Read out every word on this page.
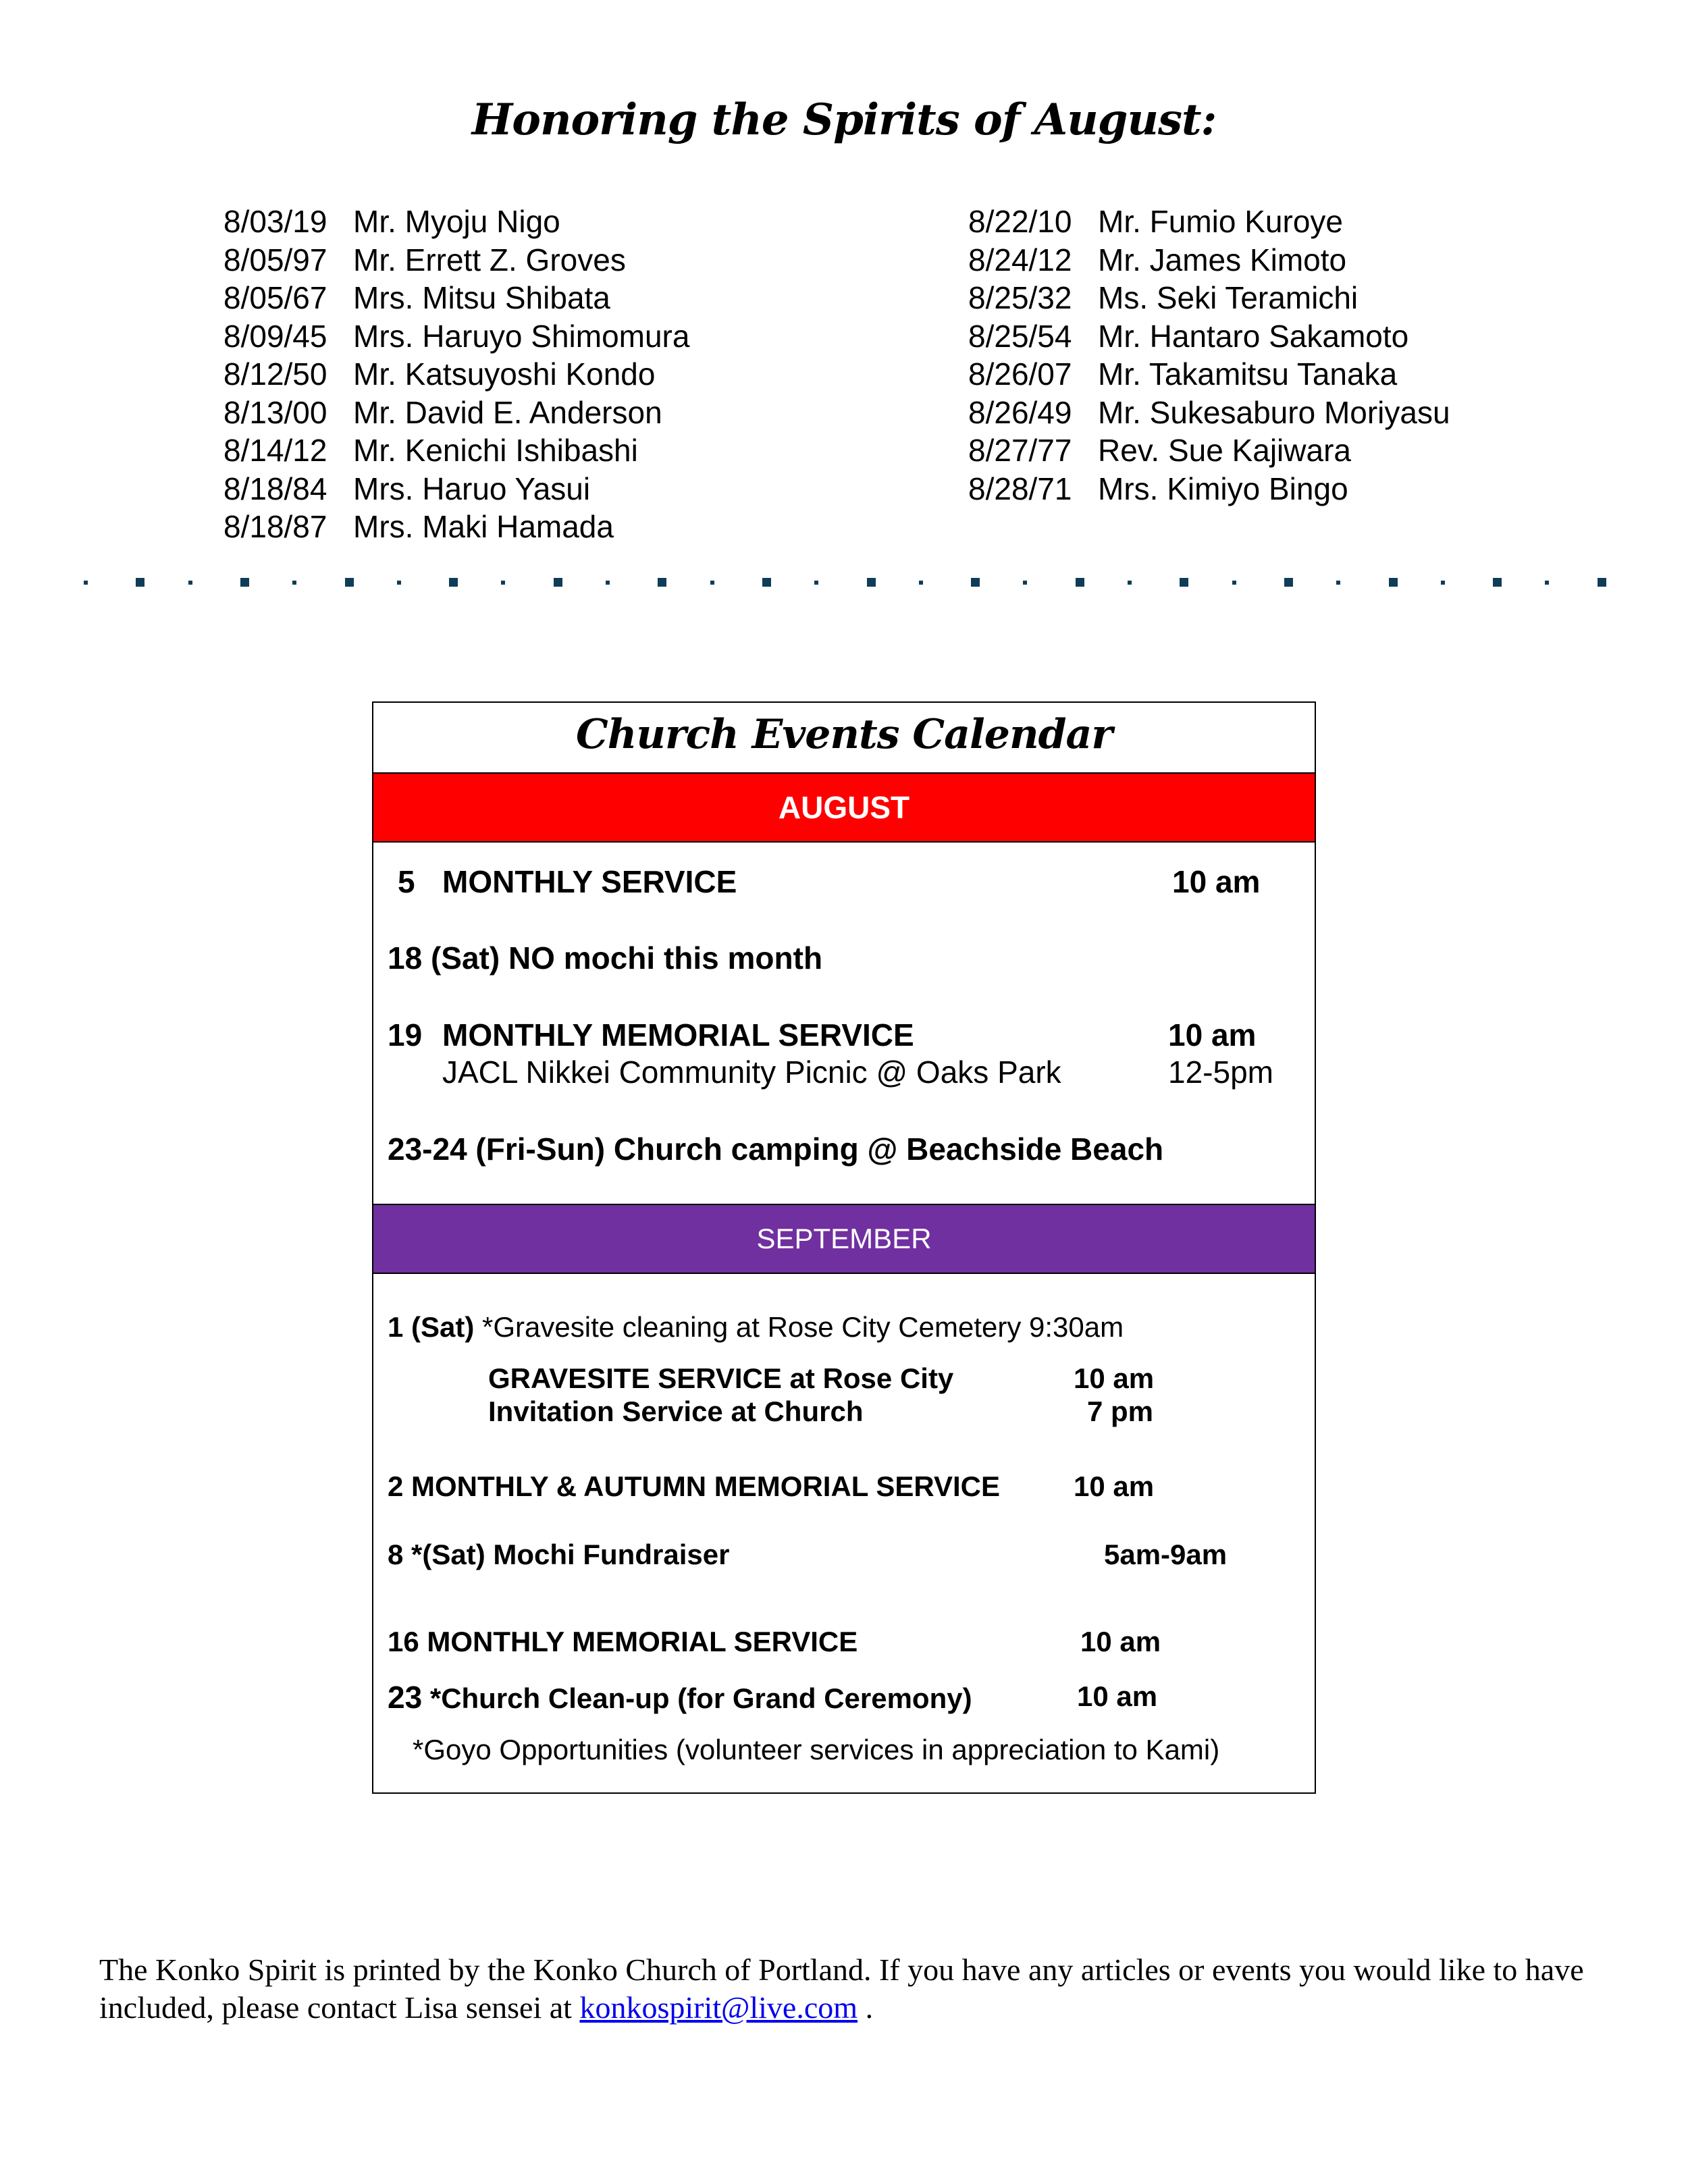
Honoring the Spirits of August:
8/03/19 Mr. Myoju Nigo
8/05/97 Mr. Errett Z. Groves
8/05/67 Mrs. Mitsu Shibata
8/09/45 Mrs. Haruyo Shimomura
8/12/50 Mr. Katsuyoshi Kondo
8/13/00 Mr. David E. Anderson
8/14/12 Mr. Kenichi Ishibashi
8/18/84 Mrs. Haruo Yasui
8/18/87 Mrs. Maki Hamada
8/22/10 Mr. Fumio Kuroye
8/24/12 Mr. James Kimoto
8/25/32 Ms. Seki Teramichi
8/25/54 Mr. Hantaro Sakamoto
8/26/07 Mr. Takamitsu Tanaka
8/26/49 Mr. Sukesaburo Moriyasu
8/27/77 Rev. Sue Kajiwara
8/28/71 Mrs. Kimiyo Bingo
Church Events Calendar
AUGUST
5 MONTHLY SERVICE	10 am
18 (Sat) NO mochi this month
19 MONTHLY MEMORIAL SERVICE	10 am
JACL Nikkei Community Picnic @ Oaks Park	12-5pm
23-24 (Fri-Sun) Church camping @ Beachside Beach
SEPTEMBER
1 (Sat) *Gravesite cleaning at Rose City Cemetery 9:30am
GRAVESITE SERVICE at Rose City	10 am
Invitation Service at Church	7 pm
2 MONTHLY & AUTUMN MEMORIAL SERVICE	10 am
8 *(Sat) Mochi Fundraiser	5am-9am
16 MONTHLY MEMORIAL SERVICE	10 am
23 *Church Clean-up (for Grand Ceremony)	10 am
*Goyo Opportunities (volunteer services in appreciation to Kami)
The Konko Spirit is printed by the Konko Church of Portland. If you have any articles or events you would like to have included, please contact Lisa sensei at konkospirit@live.com .
